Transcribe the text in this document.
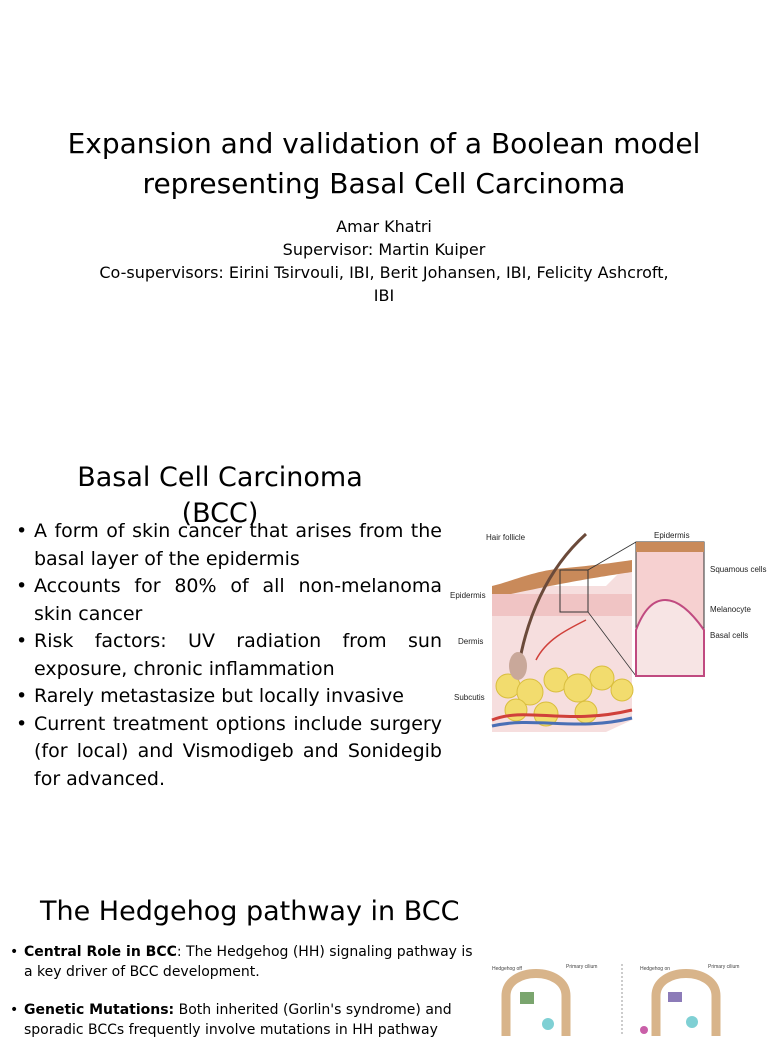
Expansion and validation of a Boolean model
representing Basal Cell Carcinoma
Amar Khatri
Supervisor: Martin Kuiper
Co-supervisors: Eirini Tsirvouli, IBI, Berit Johansen, IBI, Felicity Ashcroft,
IBI
Basal Cell Carcinoma
(BCC)
• A form of skin cancer that arises from the basal layer of the epidermis
• Accounts for 80% of all non-melanoma skin cancer
• Risk factors: UV radiation from sun exposure, chronic inflammation
• Rarely metastasize but locally invasive
• Current treatment options include surgery (for local) and Vismodigeb and Sonidegib for advanced.
Hair follicle	Epidermis
Epidermis
Dermis
Subcutis
Squamous cells
Melanocyte
Basal cells
The Hedgehog pathway in BCC
• Central Role in BCC: The Hedgehog (HH) signaling pathway is a key driver of BCC development.
• Genetic Mutations: Both inherited (Gorlin's syndrome) and sporadic BCCs frequently involve mutations in HH pathway
Hedgehog off	Primary cilium	Hedgehog on	Primary cilium
